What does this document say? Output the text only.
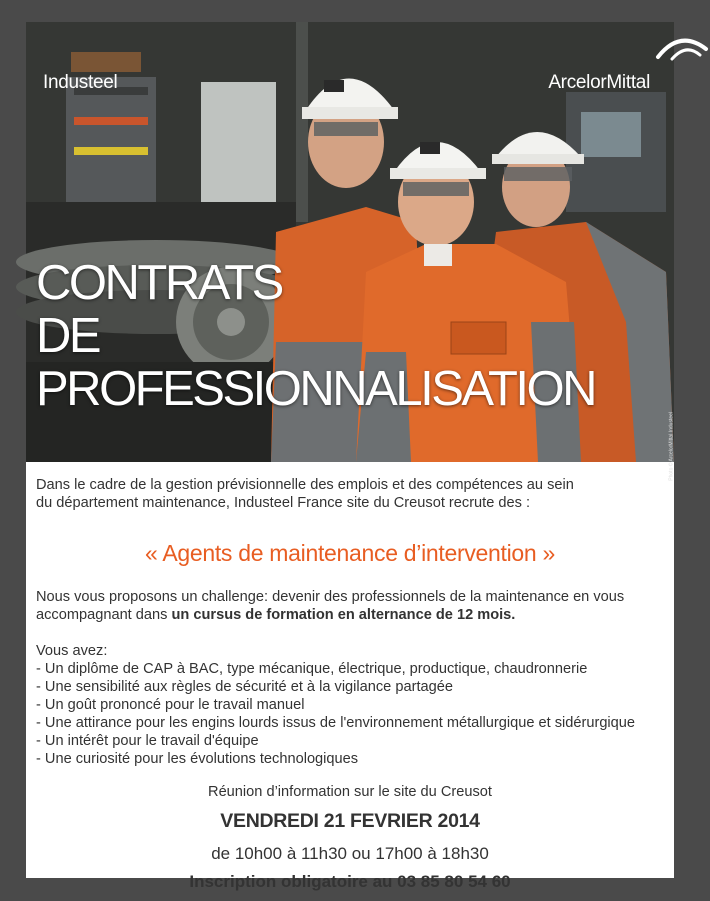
Industeel	ArcelorMittal
CONTRATS
DE
PROFESSIONNALISATION
Photo © ArcelorMittal Industeel

Dans le cadre de la gestion prévisionnelle des emplois et des compétences au sein
du département maintenance, Industeel France site du Creusot recrute des :

« Agents de maintenance d’intervention »

Nous vous proposons un challenge: devenir des professionnels de la maintenance en vous
accompagnant dans un cursus de formation en alternance de 12 mois.

Vous avez:

- Un diplôme de CAP à BAC, type mécanique, électrique, productique, chaudronnerie
- Une sensibilité aux règles de sécurité et à la vigilance partagée
- Un goût prononcé pour le travail manuel
- Une attirance pour les engins lourds issus de l'environnement métallurgique et sidérurgique
- Un intérêt pour le travail d'équipe
- Une curiosité pour les évolutions technologiques

Réunion d’information sur le site du Creusot

VENDREDI 21 FEVRIER 2014

de 10h00 à 11h30 ou 17h00 à 18h30

Inscription obligatoire au 03 85 80 54 60
